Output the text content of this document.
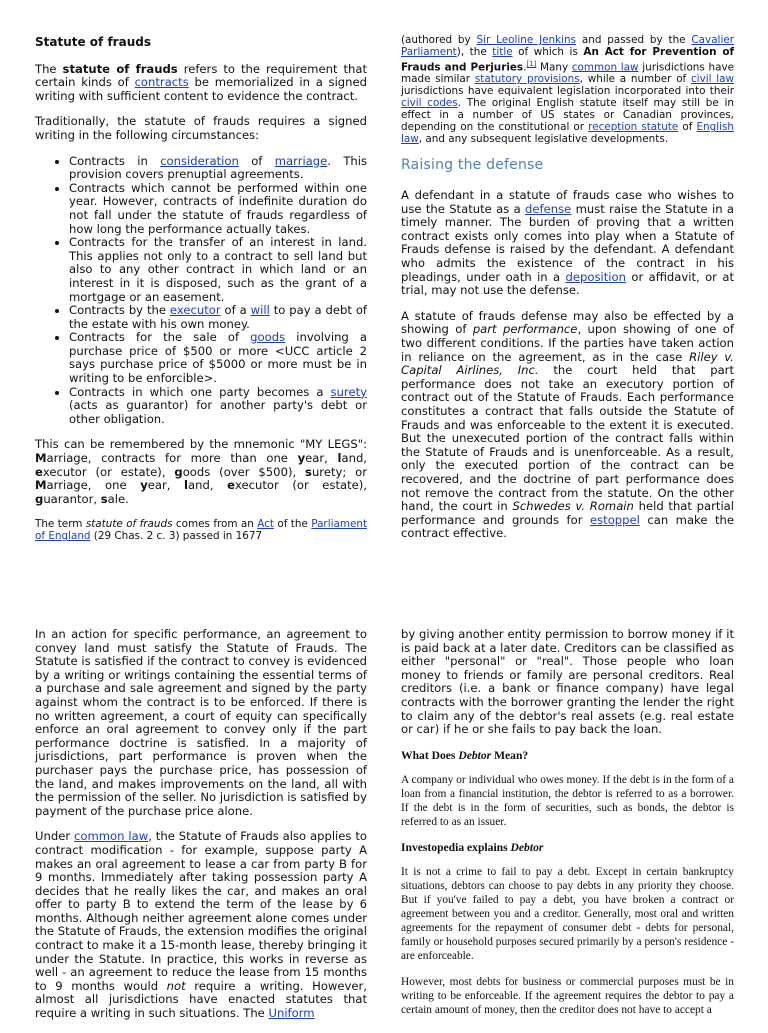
Statute of frauds

The statute of frauds refers to the requirement that certain kinds of contracts be memorialized in a signed writing with sufficient content to evidence the contract.

Traditionally, the statute of frauds requires a signed writing in the following circumstances:

• Contracts in consideration of marriage. This provision covers prenuptial agreements.
• Contracts which cannot be performed within one year. However, contracts of indefinite duration do not fall under the statute of frauds regardless of how long the performance actually takes.
• Contracts for the transfer of an interest in land. This applies not only to a contract to sell land but also to any other contract in which land or an interest in it is disposed, such as the grant of a mortgage or an easement.
• Contracts by the executor of a will to pay a debt of the estate with his own money.
• Contracts for the sale of goods involving a purchase price of $500 or more <UCC article 2 says purchase price of $5000 or more must be in writing to be enforcible>.
• Contracts in which one party becomes a surety (acts as guarantor) for another party's debt or other obligation.

This can be remembered by the mnemonic "MY LEGS": Marriage, contracts for more than one year, land, executor (or estate), goods (over $500), surety; or Marriage, one year, land, executor (or estate), guarantor, sale.

The term statute of frauds comes from an Act of the Parliament of England (29 Chas. 2 c. 3) passed in 1677

(authored by Sir Leoline Jenkins and passed by the Cavalier Parliament), the title of which is An Act for Prevention of Frauds and Perjuries.[1] Many common law jurisdictions have made similar statutory provisions, while a number of civil law jurisdictions have equivalent legislation incorporated into their civil codes. The original English statute itself may still be in effect in a number of US states or Canadian provinces, depending on the constitutional or reception statute of English law, and any subsequent legislative developments.

Raising the defense

A defendant in a statute of frauds case who wishes to use the Statute as a defense must raise the Statute in a timely manner. The burden of proving that a written contract exists only comes into play when a Statute of Frauds defense is raised by the defendant. A defendant who admits the existence of the contract in his pleadings, under oath in a deposition or affidavit, or at trial, may not use the defense.

A statute of frauds defense may also be effected by a showing of part performance, upon showing of one of two different conditions. If the parties have taken action in reliance on the agreement, as in the case Riley v. Capital Airlines, Inc. the court held that part performance does not take an executory portion of contract out of the Statute of Frauds. Each performance constitutes a contract that falls outside the Statute of Frauds and was enforceable to the extent it is executed. But the unexecuted portion of the contract falls within the Statute of Frauds and is unenforceable. As a result, only the executed portion of the contract can be recovered, and the doctrine of part performance does not remove the contract from the statute. On the other hand, the court in Schwedes v. Romain held that partial performance and grounds for estoppel can make the contract effective.

In an action for specific performance, an agreement to convey land must satisfy the Statute of Frauds. The Statute is satisfied if the contract to convey is evidenced by a writing or writings containing the essential terms of a purchase and sale agreement and signed by the party against whom the contract is to be enforced. If there is no written agreement, a court of equity can specifically enforce an oral agreement to convey only if the part performance doctrine is satisfied. In a majority of jurisdictions, part performance is proven when the purchaser pays the purchase price, has possession of the land, and makes improvements on the land, all with the permission of the seller. No jurisdiction is satisfied by payment of the purchase price alone.

Under common law, the Statute of Frauds also applies to contract modification - for example, suppose party A makes an oral agreement to lease a car from party B for 9 months. Immediately after taking possession party A decides that he really likes the car, and makes an oral offer to party B to extend the term of the lease by 6 months. Although neither agreement alone comes under the Statute of Frauds, the extension modifies the original contract to make it a 15-month lease, thereby bringing it under the Statute. In practice, this works in reverse as well - an agreement to reduce the lease from 15 months to 9 months would not require a writing. However, almost all jurisdictions have enacted statutes that require a writing in such situations. The Uniform

by giving another entity permission to borrow money if it is paid back at a later date. Creditors can be classified as either "personal" or "real". Those people who loan money to friends or family are personal creditors. Real creditors (i.e. a bank or finance company) have legal contracts with the borrower granting the lender the right to claim any of the debtor's real assets (e.g. real estate or car) if he or she fails to pay back the loan.

What Does Debtor Mean?

A company or individual who owes money. If the debt is in the form of a loan from a financial institution, the debtor is referred to as a borrower. If the debt is in the form of securities, such as bonds, the debtor is referred to as an issuer.

Investopedia explains Debtor

It is not a crime to fail to pay a debt. Except in certain bankruptcy situations, debtors can choose to pay debts in any priority they choose. But if you've failed to pay a debt, you have broken a contract or agreement between you and a creditor. Generally, most oral and written agreements for the repayment of consumer debt - debts for personal, family or household purposes secured primarily by a person's residence - are enforceable.

However, most debts for business or commercial purposes must be in writing to be enforceable. If the agreement requires the debtor to pay a certain amount of money, then the creditor does not have to accept a
